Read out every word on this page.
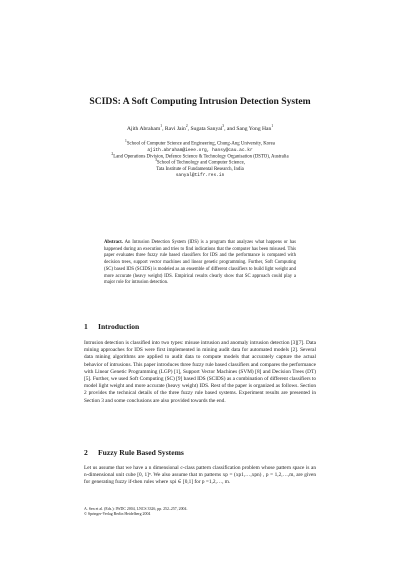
SCIDS: A Soft Computing Intrusion Detection System
Ajith Abraham$^1$, Ravi Jain$^2$, Sugata Sanyal$^3$, and Sang Yong Han$^1$
$^1$School of Computer Science and Engineering, Chung-Ang University, Korea
ajith.abraham@ieee.org, hansy@cau.ac.kr
$^2$Land Operations Division, Defence Science & Technology Organisation (DSTO), Australia
$^3$School of Technology and Computer Science,
Tata Institute of Fundamental Research, India
sanyal@tifr.res.in
Abstract. An Intrusion Detection System (IDS) is a program that analyzes what happens or has happened during an execution and tries to find indications that the computer has been misused. This paper evaluates three fuzzy rule based classifiers for IDS and the performance is compared with decision trees, support vector machines and linear genetic programming. Further, Soft Computing (SC) based IDS (SCIDS) is modeled as an ensemble of different classifiers to build light weight and more accurate (heavy weight) IDS. Empirical results clearly show that SC approach could play a major role for intrusion detection.
1 Introduction

Intrusion detection is classified into two types: misuse intrusion and anomaly intrusion detection [3][7]. Data mining approaches for IDS were first implemented in mining audit data for automated models [2]. Several data mining algorithms are applied to audit data to compute models that accurately capture the actual behavior of intrusions. This paper introduces three fuzzy rule based classifiers and compares the performance with Linear Genetic Programming (LGP) [1], Support Vector Machines (SVM) [8] and Decision Trees (DT) [5]. Further, we used Soft Computing (SC) [9] based IDS (SCIDS) as a combination of different classifiers to model light weight and more accurate (heavy weight) IDS. Rest of the paper is organized as follows. Section 2 provides the technical details of the three fuzzy rule based systems. Experiment results are presented in Section 3 and some conclusions are also provided towards the end.

2 Fuzzy Rule Based Systems

Let us assume that we have a n dimensional c-class pattern classification problem whose pattern space is an n-dimensional unit cube [0, 1]ⁿ. We also assume that m patterns xp = (xp1,…,xpn) , p = 1,2,…,m, are given for generating fuzzy if-then rules where xpi ∈ [0,1] for p =1,2,…, m.

A. Sen et al. (Eds.): IWDC 2004, LNCS 3326, pp. 252–257, 2004.
© Springer-Verlag Berlin Heidelberg 2004
